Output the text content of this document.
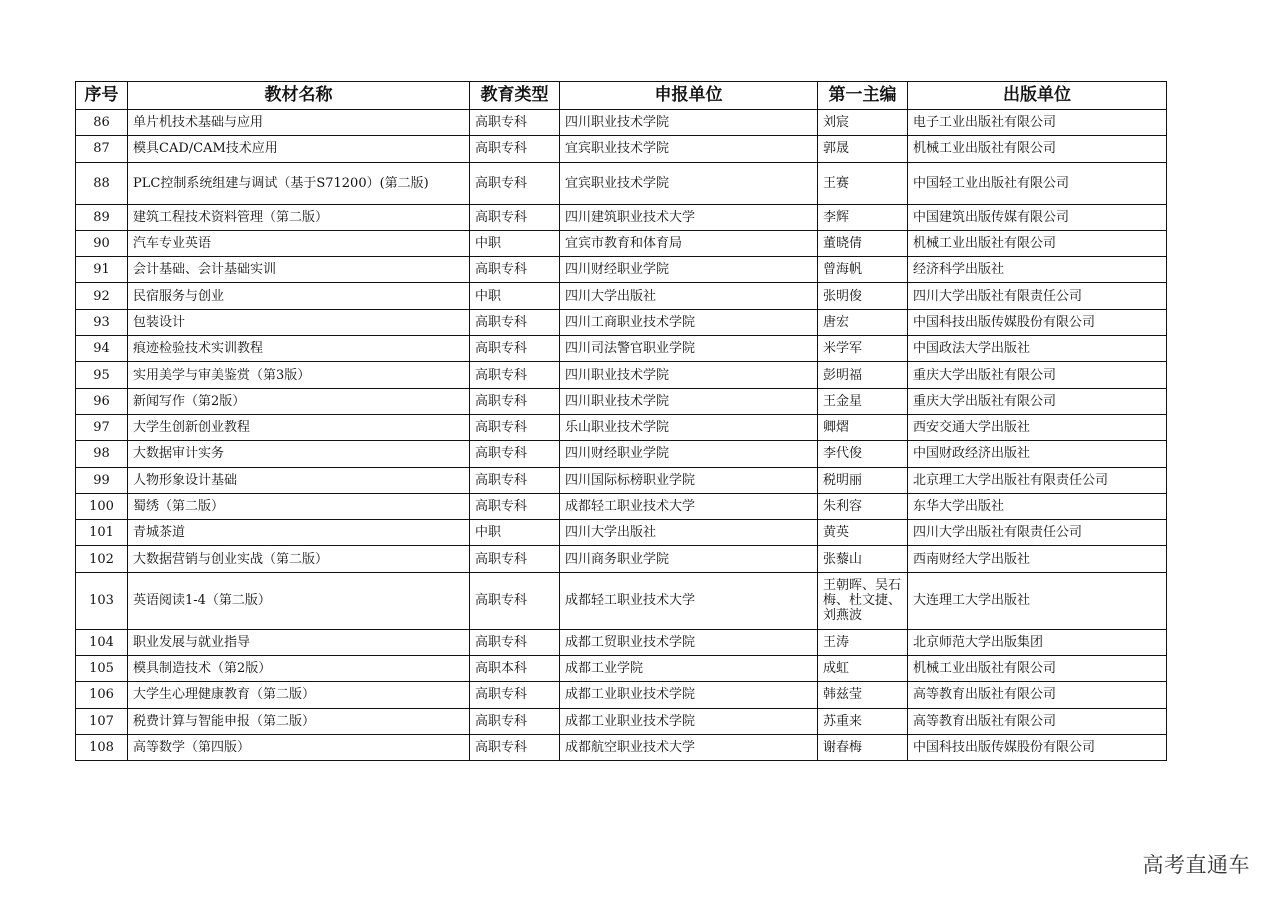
序号	教材名称	教育类型	申报单位	第一主编	出版单位
86	单片机技术基础与应用	高职专科	四川职业技术学院	刘宸	电子工业出版社有限公司
87	模具CAD/CAM技术应用	高职专科	宜宾职业技术学院	郭晟	机械工业出版社有限公司
88	PLC控制系统组建与调试（基于S71200）(第二版)	高职专科	宜宾职业技术学院	王赛	中国轻工业出版社有限公司
89	建筑工程技术资料管理（第二版）	高职专科	四川建筑职业技术大学	李辉	中国建筑出版传媒有限公司
90	汽车专业英语	中职	宜宾市教育和体育局	董晓倩	机械工业出版社有限公司
91	会计基础、会计基础实训	高职专科	四川财经职业学院	曾海帆	经济科学出版社
92	民宿服务与创业	中职	四川大学出版社	张明俊	四川大学出版社有限责任公司
93	包装设计	高职专科	四川工商职业技术学院	唐宏	中国科技出版传媒股份有限公司
94	痕迹检验技术实训教程	高职专科	四川司法警官职业学院	米学军	中国政法大学出版社
95	实用美学与审美鉴赏（第3版）	高职专科	四川职业技术学院	彭明福	重庆大学出版社有限公司
96	新闻写作（第2版）	高职专科	四川职业技术学院	王金星	重庆大学出版社有限公司
97	大学生创新创业教程	高职专科	乐山职业技术学院	卿熠	西安交通大学出版社
98	大数据审计实务	高职专科	四川财经职业学院	李代俊	中国财政经济出版社
99	人物形象设计基础	高职专科	四川国际标榜职业学院	税明丽	北京理工大学出版社有限责任公司
100	蜀绣（第二版）	高职专科	成都轻工职业技术大学	朱利容	东华大学出版社
101	青城茶道	中职	四川大学出版社	黄英	四川大学出版社有限责任公司
102	大数据营销与创业实战（第二版）	高职专科	四川商务职业学院	张藜山	西南财经大学出版社
103	英语阅读1-4（第二版）	高职专科	成都轻工职业技术大学	王朝晖、吴石梅、杜文捷、刘燕波	大连理工大学出版社
104	职业发展与就业指导	高职专科	成都工贸职业技术学院	王涛	北京师范大学出版集团
105	模具制造技术（第2版）	高职本科	成都工业学院	成虹	机械工业出版社有限公司
106	大学生心理健康教育（第二版）	高职专科	成都工业职业技术学院	韩兹莹	高等教育出版社有限公司
107	税费计算与智能申报（第二版）	高职专科	成都工业职业技术学院	苏重来	高等教育出版社有限公司
108	高等数学（第四版）	高职专科	成都航空职业技术大学	谢春梅	中国科技出版传媒股份有限公司
高考直通车
